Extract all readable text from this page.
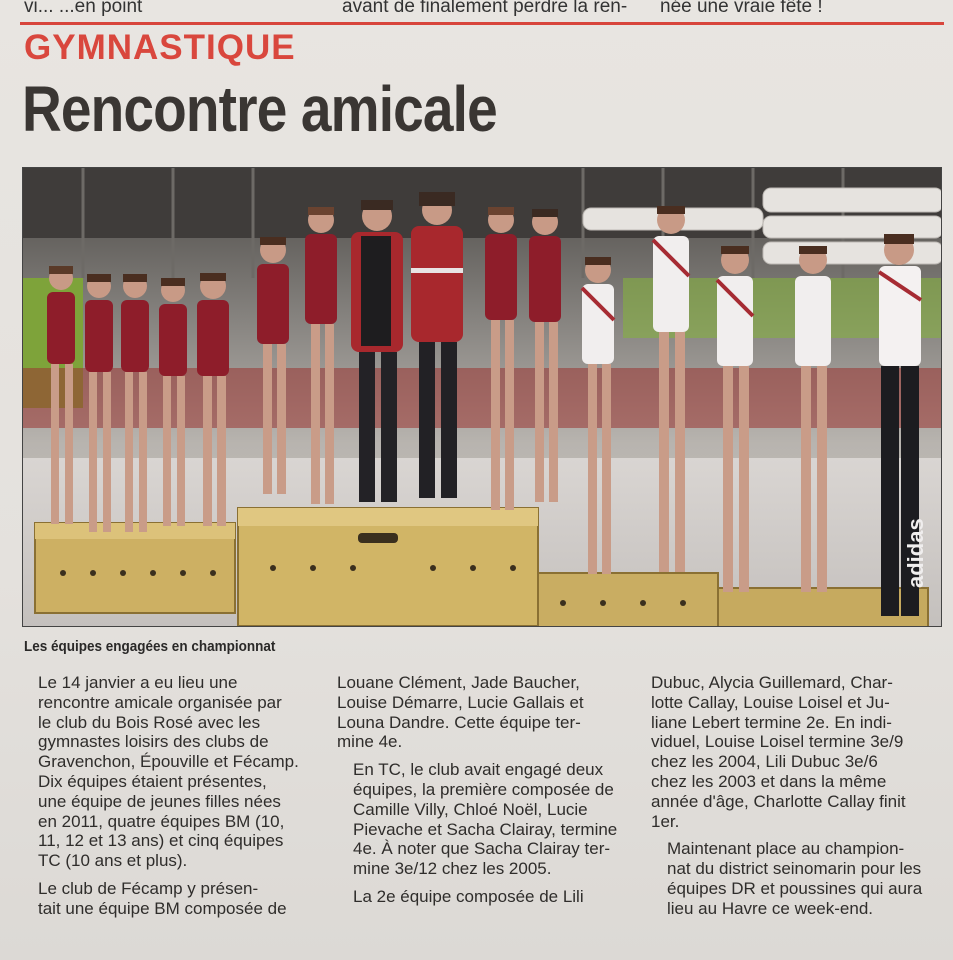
vi... ...en point	avant de finalement perdre la ren- née une vraie fête !
GYMNASTIQUE
Rencontre amicale
adidas
Les équipes engagées en championnat

Le 14 janvier a eu lieu une
rencontre amicale organisée par
le club du Bois Rosé avec les
gymnastes loisirs des clubs de
Gravenchon, Épouville et Fécamp.
Dix équipes étaient présentes,
une équipe de jeunes filles nées
en 2011, quatre équipes BM (10,
11, 12 et 13 ans) et cinq équipes
TC (10 ans et plus).

Le club de Fécamp y présen-
tait une équipe BM composée de

Louane Clément, Jade Baucher,
Louise Démarre, Lucie Gallais et
Louna Dandre. Cette équipe ter-
mine 4e.

En TC, le club avait engagé deux
équipes, la première composée de
Camille Villy, Chloé Noël, Lucie
Pievache et Sacha Clairay, termine
4e. À noter que Sacha Clairay ter-
mine 3e/12 chez les 2005.

La 2e équipe composée de Lili

Dubuc, Alycia Guillemard, Char-
lotte Callay, Louise Loisel et Ju-
liane Lebert termine 2e. En indi-
viduel, Louise Loisel termine 3e/9
chez les 2004, Lili Dubuc 3e/6
chez les 2003 et dans la même
année d'âge, Charlotte Callay finit
1er.

Maintenant place au champion-
nat du district seinomarin pour les
équipes DR et poussines qui aura
lieu au Havre ce week-end.
